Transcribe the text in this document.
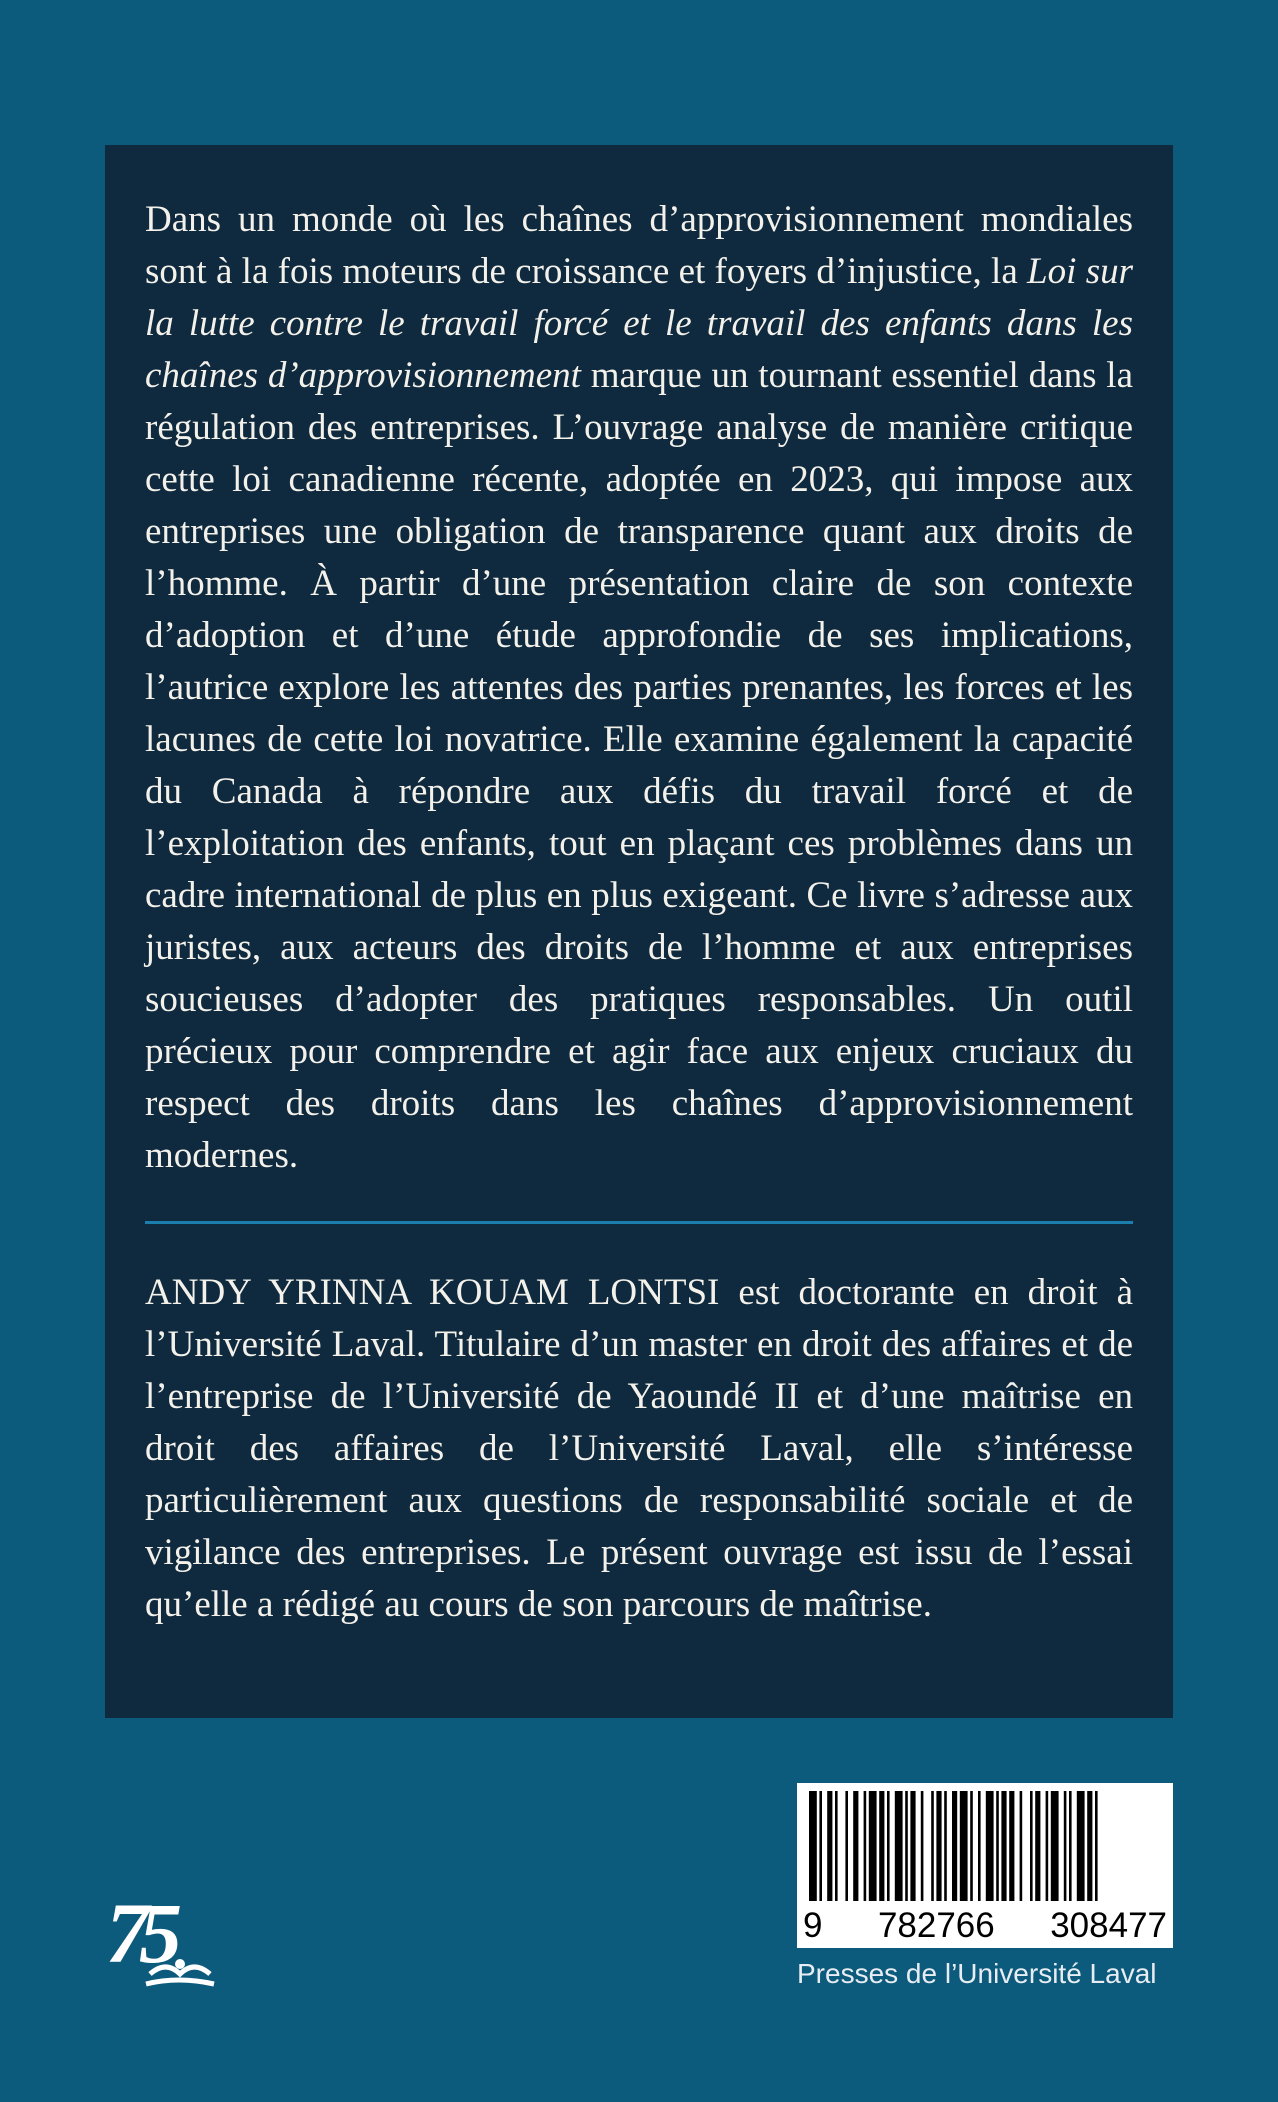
Dans un monde où les chaînes d’approvisionnement mondiales sont à la fois moteurs de croissance et foyers d’injustice, la Loi sur la lutte contre le travail forcé et le travail des enfants dans les chaînes d’approvisionnement marque un tournant essentiel dans la régulation des entreprises. L’ouvrage analyse de manière critique cette loi canadienne récente, adoptée en 2023, qui impose aux entreprises une obligation de transparence quant aux droits de l’homme. À partir d’une présentation claire de son contexte d’adoption et d’une étude approfondie de ses implications, l’autrice explore les attentes des parties prenantes, les forces et les lacunes de cette loi novatrice. Elle examine également la capacité du Canada à répondre aux défis du travail forcé et de l’exploitation des enfants, tout en plaçant ces problèmes dans un cadre international de plus en plus exigeant. Ce livre s’adresse aux juristes, aux acteurs des droits de l’homme et aux entreprises soucieuses d’adopter des pratiques responsables. Un outil précieux pour comprendre et agir face aux enjeux cruciaux du respect des droits dans les chaînes d’approvisionnement modernes.

ANDY YRINNA KOUAM LONTSI est doctorante en droit à l’Université Laval. Titulaire d’un master en droit des affaires et de l’entreprise de l’Université de Yaoundé II et d’une maîtrise en droit des affaires de l’Université Laval, elle s’intéresse particulièrement aux questions de responsabilité sociale et de vigilance des entreprises. Le présent ouvrage est issu de l’essai qu’elle a rédigé au cours de son parcours de maîtrise.

75	9 782766 308477
Presses de l’Université Laval
